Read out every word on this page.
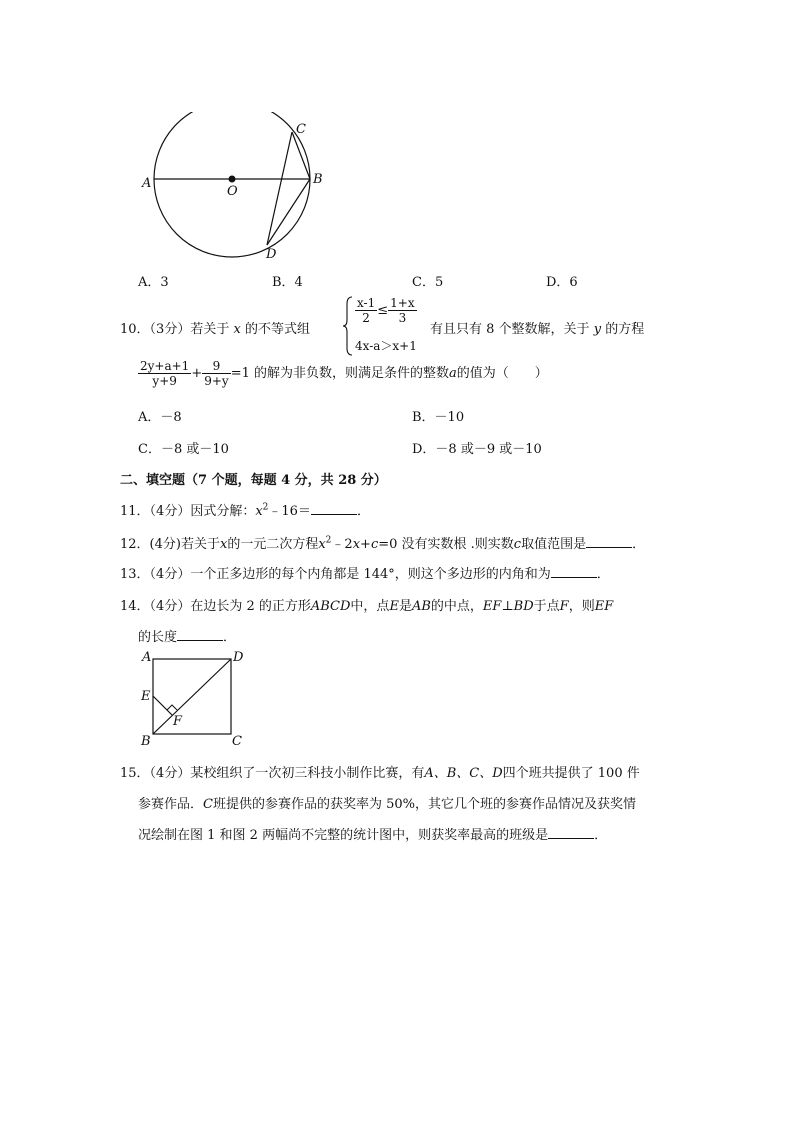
A
O
B
C
D
A．3	B．4	C．5	D．6
10．（3分）若关于 x 的不等式组
$\frac{x-1}{2} \le \frac{1+x}{3}$
4x-a＞x+1
有且只有 8 个整数解，关于 y 的方程
$\frac{2y+a+1}{y+9} + \frac{9}{9+y} =1$ 的解为非负数，则满足条件的整数a的值为（　　）
A．－8	B．－10
C．－8 或－10	D．－8 或－9 或－10
二、填空题（7 个题，每题 4 分，共 28 分）
11．（4分）因式分解：$x^2﹣16=$	．
12．(4分)若关于x的一元二次方程$x^2﹣2x+c=0$ 没有实数根 .则实数c取值范围是	．
13．（4分）一个正多边形的每个内角都是 144°，则这个多边形的内角和为	．
14．（4分）在边长为 2 的正方形ABCD中，点E是AB的中点，EF⊥BD于点F，则EF
的长度	．
A	D
E
F
B	C
15．（4分）某校组织了一次初三科技小制作比赛，有A、B、C、D四个班共提供了 100 件
参赛作品．C班提供的参赛作品的获奖率为 50%，其它几个班的参赛作品情况及获奖情
况绘制在图 1 和图 2 两幅尚不完整的统计图中，则获奖率最高的班级是	．
